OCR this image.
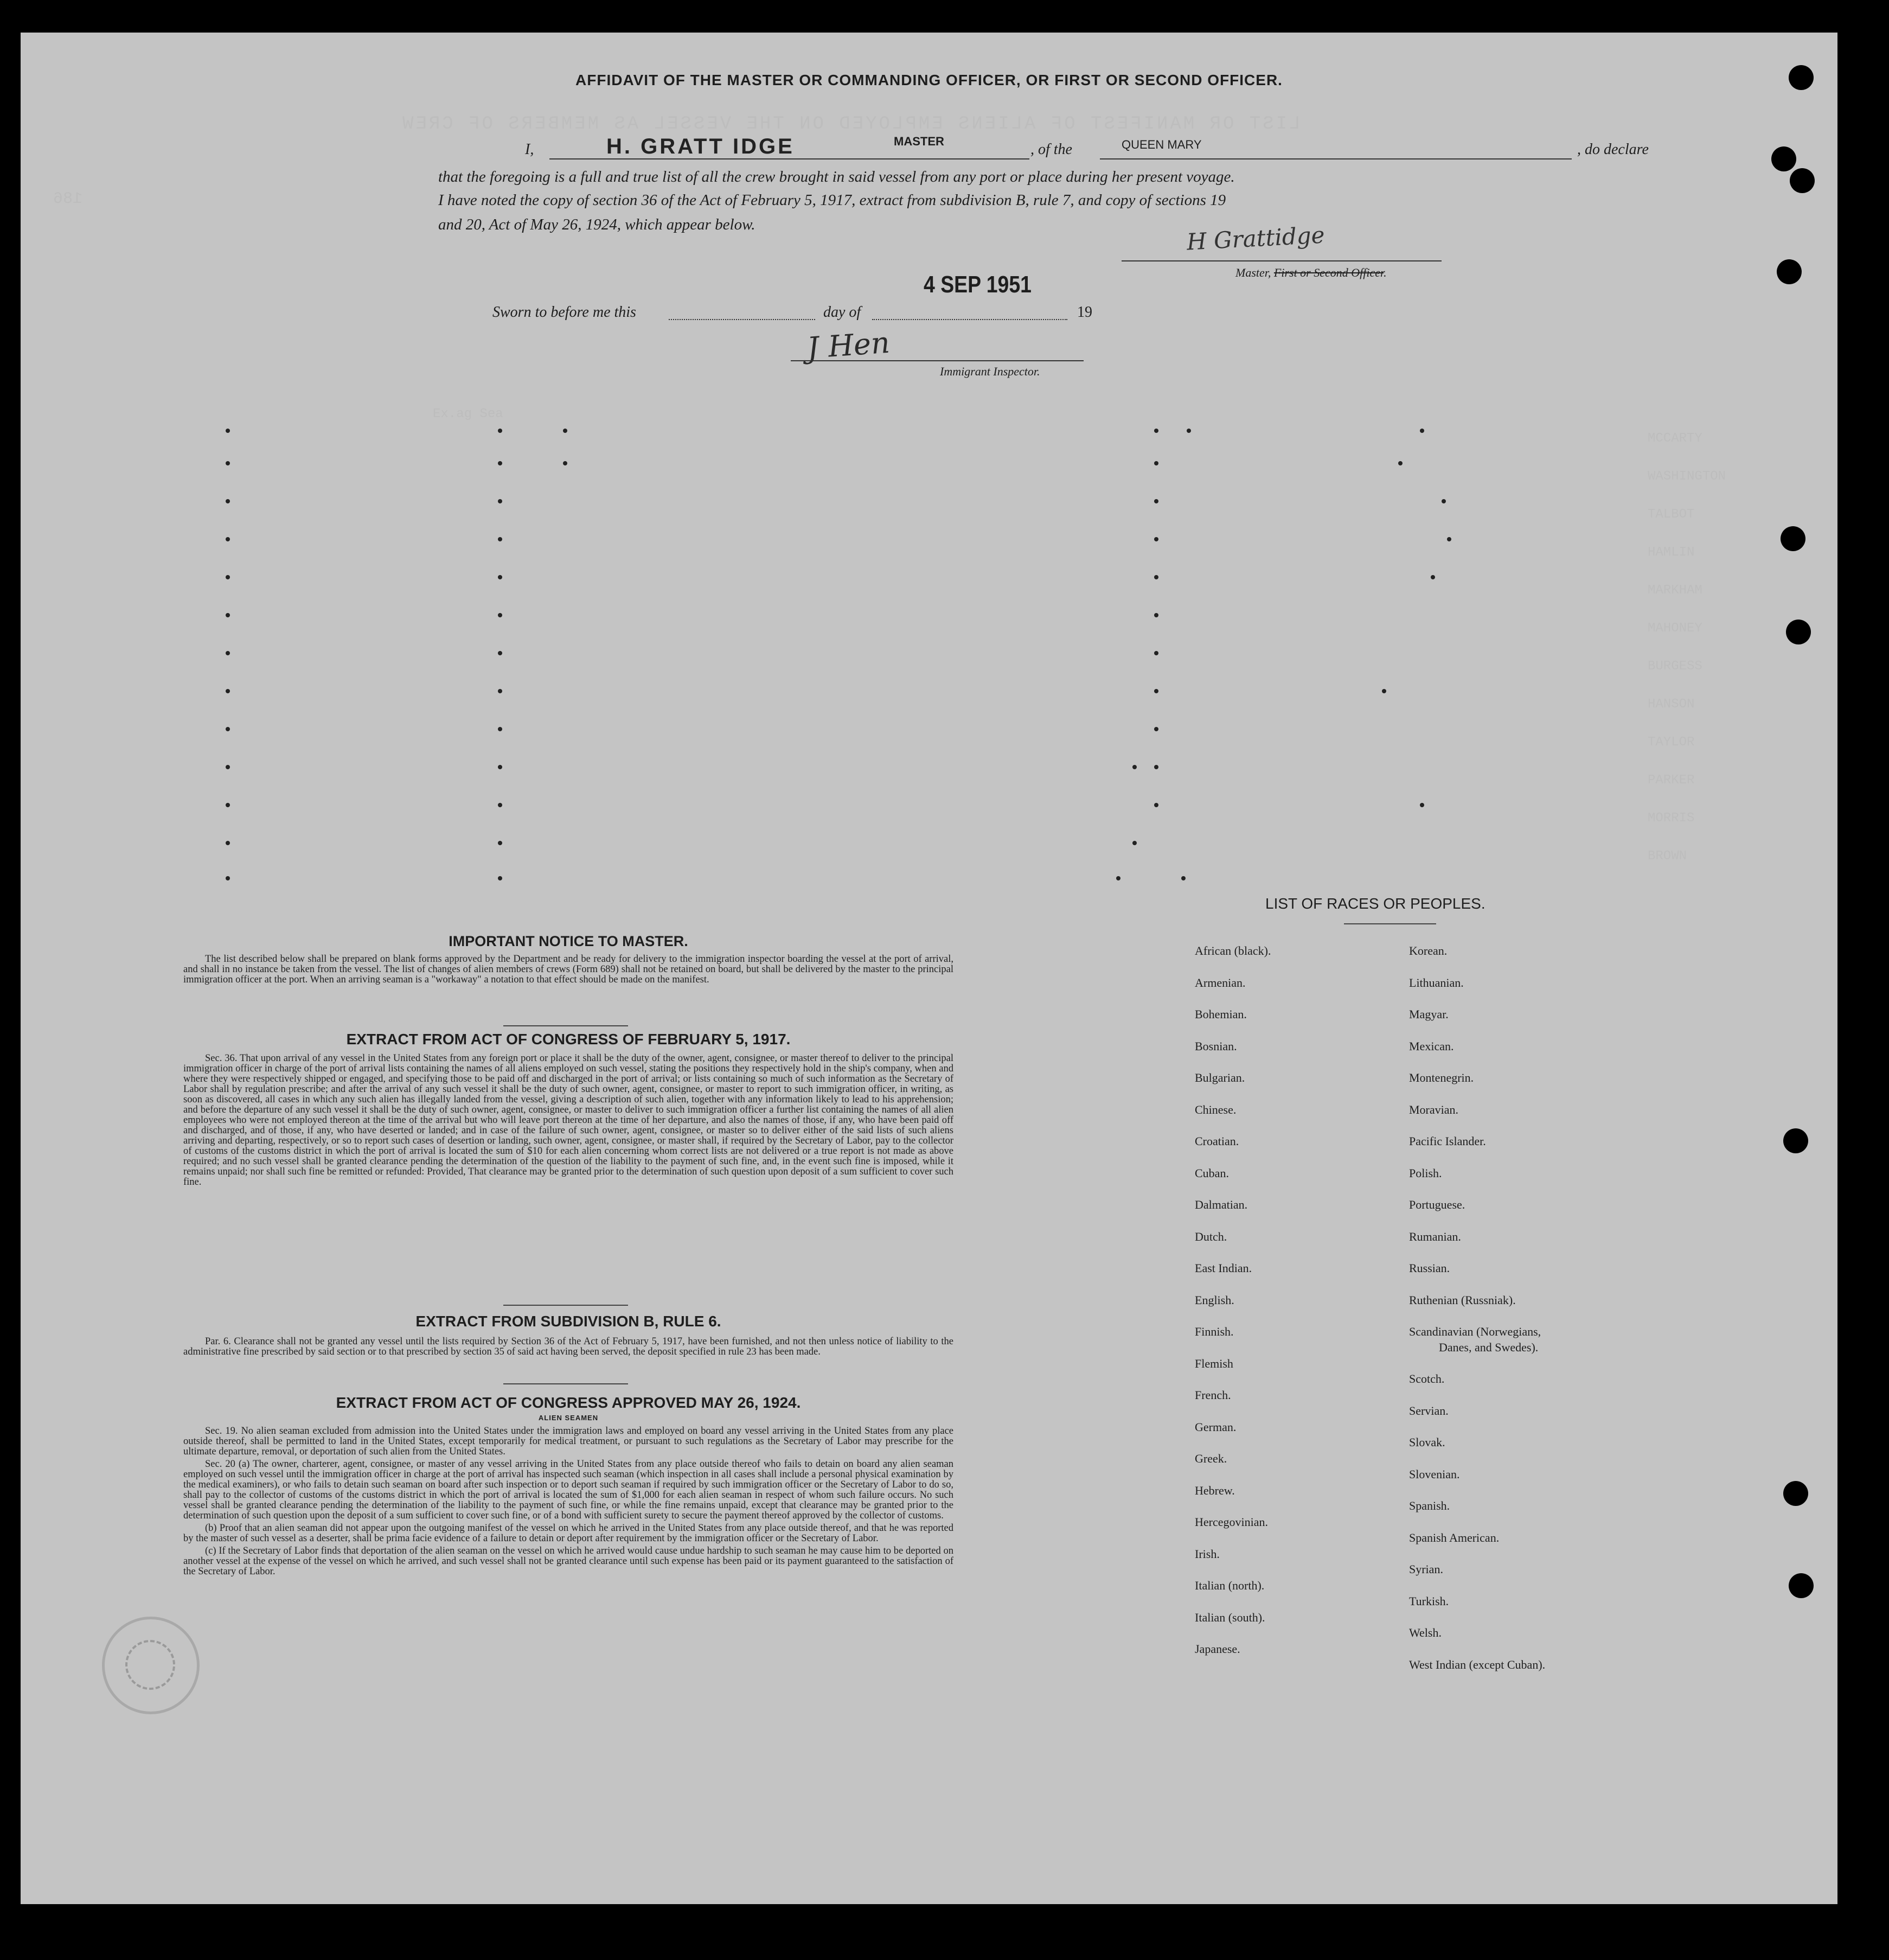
LIST OR MANIFEST OF ALIENS EMPLOYED ON THE VESSEL AS MEMBERS OF CREW
186
AFFIDAVIT OF THE MASTER OR COMMANDING OFFICER, OR FIRST OR SECOND OFFICER.
I,	H. GRATT IDGE	MASTER	, of the	QUEEN MARY	, do declare
that the foregoing is a full and true list of all the crew brought in said vessel from any port or place during her present voyage.
I have noted the copy of section 36 of the Act of February 5, 1917, extract from subdivision B, rule 7, and copy of sections 19
and 20, Act of May 26, 1924, which appear below.	H Grattidge
Master, First or Second Officer.
4 SEP 1951
Sworn to before me this	day of	19
J Hen
Immigrant Inspector.
Ex.ag Sea
MCCARTY
WASHINGTON
TALBOT
HAMLIN
MARKHAM
MAHONEY
BURGESS
HANSON
TAYLOR
PARKER
MORRIS
BROWN
IMPORTANT NOTICE TO MASTER.

The list described below shall be prepared on blank forms approved by the Department and be ready for delivery to the immigration inspector boarding the vessel at the port of arrival, and shall in no instance be taken from the vessel. The list of changes of alien members of crews (Form 689) shall not be retained on board, but shall be delivered by the master to the principal immigration officer at the port. When an arriving seaman is a "workaway" a notation to that effect should be made on the manifest.

EXTRACT FROM ACT OF CONGRESS OF FEBRUARY 5, 1917.

Sec. 36. That upon arrival of any vessel in the United States from any foreign port or place it shall be the duty of the owner, agent, consignee, or master thereof to deliver to the principal immigration officer in charge of the port of arrival lists containing the names of all aliens employed on such vessel, stating the positions they respectively hold in the ship's company, when and where they were respectively shipped or engaged, and specifying those to be paid off and discharged in the port of arrival; or lists containing so much of such information as the Secretary of Labor shall by regulation prescribe; and after the arrival of any such vessel it shall be the duty of such owner, agent, consignee, or master to report to such immigration officer, in writing, as soon as discovered, all cases in which any such alien has illegally landed from the vessel, giving a description of such alien, together with any information likely to lead to his apprehension; and before the departure of any such vessel it shall be the duty of such owner, agent, consignee, or master to deliver to such immigration officer a further list containing the names of all alien employees who were not employed thereon at the time of the arrival but who will leave port thereon at the time of her departure, and also the names of those, if any, who have been paid off and discharged, and of those, if any, who have deserted or landed; and in case of the failure of such owner, agent, consignee, or master so to deliver either of the said lists of such aliens arriving and departing, respectively, or so to report such cases of desertion or landing, such owner, agent, consignee, or master shall, if required by the Secretary of Labor, pay to the collector of customs of the customs district in which the port of arrival is located the sum of $10 for each alien concerning whom correct lists are not delivered or a true report is not made as above required; and no such vessel shall be granted clearance pending the determination of the question of the liability to the payment of such fine, and, in the event such fine is imposed, while it remains unpaid; nor shall such fine be remitted or refunded: Provided, That clearance may be granted prior to the determination of such question upon deposit of a sum sufficient to cover such fine.

EXTRACT FROM SUBDIVISION B, RULE 6.

Par. 6. Clearance shall not be granted any vessel until the lists required by Section 36 of the Act of February 5, 1917, have been furnished, and not then unless notice of liability to the administrative fine prescribed by said section or to that prescribed by section 35 of said act having been served, the deposit specified in rule 23 has been made.

EXTRACT FROM ACT OF CONGRESS APPROVED MAY 26, 1924.
ALIEN SEAMEN

Sec. 19. No alien seaman excluded from admission into the United States under the immigration laws and employed on board any vessel arriving in the United States from any place outside thereof, shall be permitted to land in the United States, except temporarily for medical treatment, or pursuant to such regulations as the Secretary of Labor may prescribe for the ultimate departure, removal, or deportation of such alien from the United States.

Sec. 20 (a) The owner, charterer, agent, consignee, or master of any vessel arriving in the United States from any place outside thereof who fails to detain on board any alien seaman employed on such vessel until the immigration officer in charge at the port of arrival has inspected such seaman (which inspection in all cases shall include a personal physical examination by the medical examiners), or who fails to detain such seaman on board after such inspection or to deport such seaman if required by such immigration officer or the Secretary of Labor to do so, shall pay to the collector of customs of the customs district in which the port of arrival is located the sum of $1,000 for each alien seaman in respect of whom such failure occurs. No such vessel shall be granted clearance pending the determination of the liability to the payment of such fine, or while the fine remains unpaid, except that clearance may be granted prior to the determination of such question upon the deposit of a sum sufficient to cover such fine, or of a bond with sufficient surety to secure the payment thereof approved by the collector of customs.

(b) Proof that an alien seaman did not appear upon the outgoing manifest of the vessel on which he arrived in the United States from any place outside thereof, and that he was reported by the master of such vessel as a deserter, shall be prima facie evidence of a failure to detain or deport after requirement by the immigration officer or the Secretary of Labor.

(c) If the Secretary of Labor finds that deportation of the alien seaman on the vessel on which he arrived would cause undue hardship to such seaman he may cause him to be deported on another vessel at the expense of the vessel on which he arrived, and such vessel shall not be granted clearance until such expense has been paid or its payment guaranteed to the satisfaction of the Secretary of Labor.

LIST OF RACES OR PEOPLES.
African (black).
Armenian.
Bohemian.
Bosnian.
Bulgarian.
Chinese.
Croatian.
Cuban.
Dalmatian.
Dutch.
East Indian.
English.
Finnish.
Flemish
French.
German.
Greek.
Hebrew.
Hercegovinian.
Irish.
Italian (north).
Italian (south).
Japanese.
Korean.
Lithuanian.
Magyar.
Mexican.
Montenegrin.
Moravian.
Pacific Islander.
Polish.
Portuguese.
Rumanian.
Russian.
Ruthenian (Russniak).
Scandinavian (Norwegians,
Danes, and Swedes).
Scotch.
Servian.
Slovak.
Slovenian.
Spanish.
Spanish American.
Syrian.
Turkish.
Welsh.
West Indian (except Cuban).
